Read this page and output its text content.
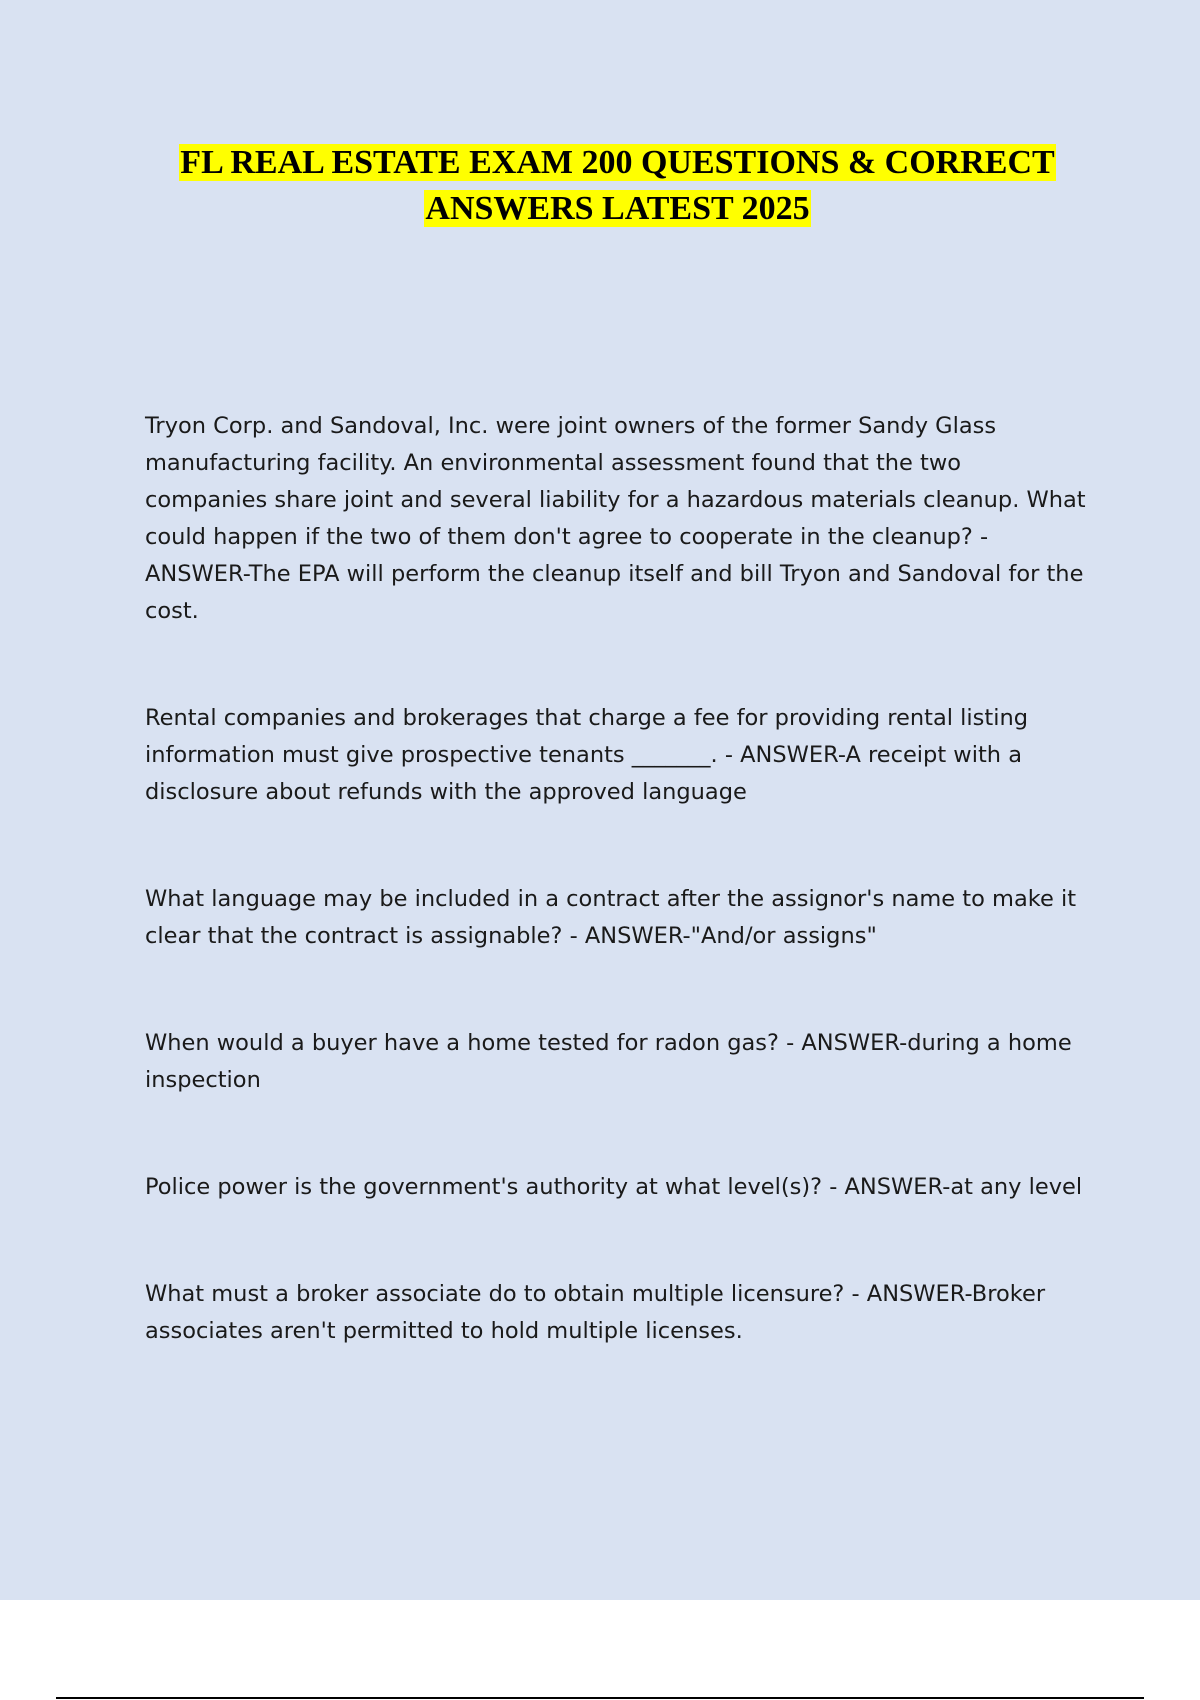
FL REAL ESTATE EXAM 200 QUESTIONS & CORRECT
ANSWERS LATEST 2025

Tryon Corp. and Sandoval, Inc. were joint owners of the former Sandy Glass manufacturing facility. An environmental assessment found that the two companies share joint and several liability for a hazardous materials cleanup. What could happen if the two of them don't agree to cooperate in the cleanup? - ANSWER-The EPA will perform the cleanup itself and bill Tryon and Sandoval for the cost.

Rental companies and brokerages that charge a fee for providing rental listing information must give prospective tenants _______. - ANSWER-A receipt with a disclosure about refunds with the approved language

What language may be included in a contract after the assignor's name to make it clear that the contract is assignable? - ANSWER-"And/or assigns"

When would a buyer have a home tested for radon gas? - ANSWER-during a home inspection

Police power is the government's authority at what level(s)? - ANSWER-at any level

What must a broker associate do to obtain multiple licensure? - ANSWER-Broker associates aren't permitted to hold multiple licenses.
